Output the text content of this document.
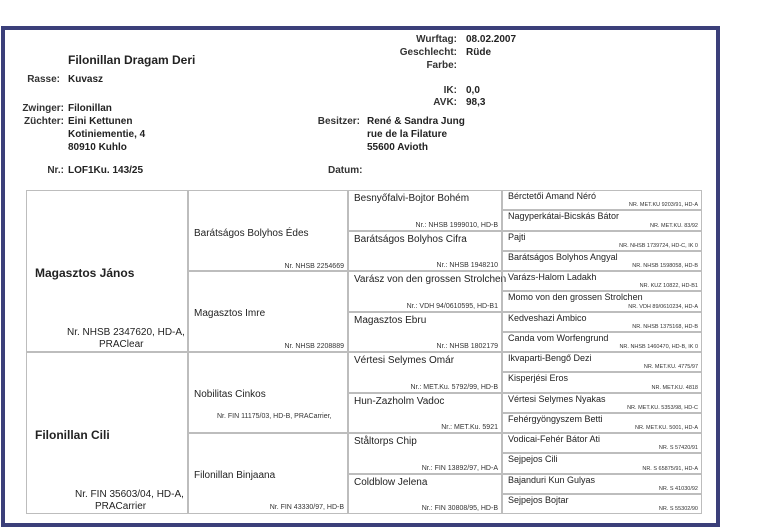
Filonillan Dragam Deri
Rasse: Kuvasz
Wurftag: 08.02.2007
Geschlecht: Rüde
Farbe:
IK: 0,0
AVK: 98,3
Zwinger: Filonillan
Züchter: Eini Kettunen
Kotiniementie, 4
80910 Kuhlo
Besitzer: René & Sandra Jung
rue de la Filature
55600 Avioth
Nr.: LOF1Ku. 143/25	Datum:
Magasztos János
Nr. NHSB 2347620, HD-A,
PRAClear
Filonillan Cili
Nr. FIN 35603/04, HD-A,
PRACarrier
Barátságos Bolyhos Édes
Nr. NHSB 2254669
Magasztos Imre
Nr. NHSB 2208889
Nobilitas Cinkos
Nr. FIN 11175/03, HD-B, PRACarrier,
Filonillan Binjaana
Nr. FIN 43330/97, HD-B
Besnyőfalvi-Bojtor Bohém
Nr.: NHSB 1999010, HD-B
Barátságos Bolyhos Cifra
Nr.: NHSB 1948210
Varász von den grossen Strolchen
Nr.: VDH 94/0610595, HD-B1
Magasztos Ebru
Nr.: NHSB 1802179
Vértesi Selymes Omár
Nr.: MET.Ku. 5792/99, HD-B
Hun-Zazholm Vadoc
Nr.: MET.Ku. 5921
Ståltorps Chip
Nr.: FIN 13892/97, HD-A
Coldblow Jelena
Nr.: FIN 30808/95, HD-B
Bérctetői Amand Néró
NR. MET.KU 9203/91, HD-A
Nagyperkátai-Bicskás Bátor
NR. MET.KU. 83/92
Pajti
NR. NHSB 1739724, HD-C, IK 0
Barátságos Bolyhos Angyal
NR. NHSB 1598058, HD-B
Varázs-Halom Ladakh
NR. KUZ 10822, HD-B1
Momo von den grossen Strolchen
NR. VDH 89/0610234, HD-A
Kedveshazi Ambico
NR. NHSB 1375168, HD-B
Canda vom Worfengrund
NR. NHSB 1460470, HD-B, IK 0
Ikvaparti-Bengő Dezi
NR. MET.KU. 4775/97
Kisperjési Eros
NR. MET.KU. 4818
Vértesi Selymes Nyakas
NR. MET.KU. 5353/98, HD-C
Fehérgyöngyszem Betti
NR. MET.KU. 5001, HD-A
Vodicai-Fehér Bátor Ati
NR. S 57420/91
Sejpejos Cili
NR. S 65875/91, HD-A
Bajanduri Kun Gulyas
NR. S 41030/92
Sejpejos Bojtar
NR. S 55302/90
